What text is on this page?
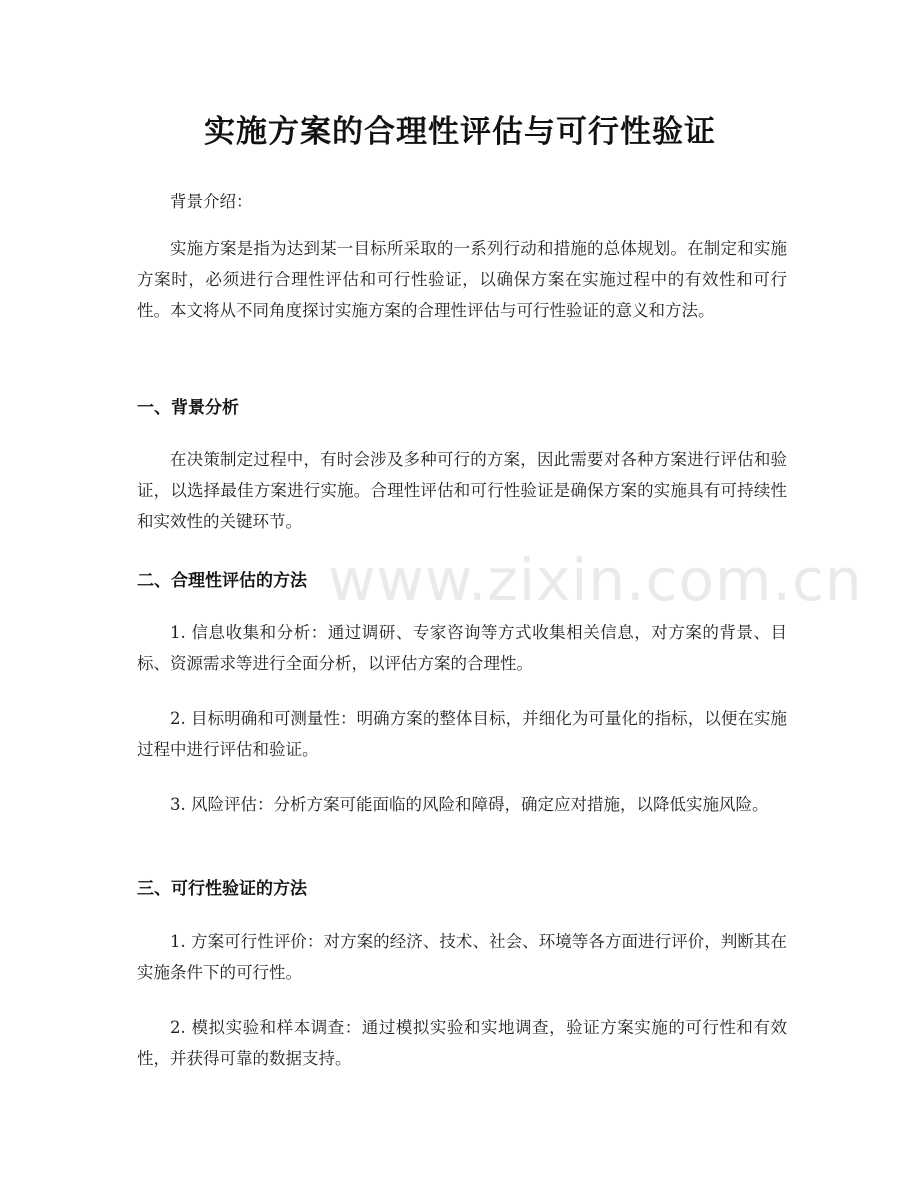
实施方案的合理性评估与可行性验证
背景介绍：
实施方案是指为达到某一目标所采取的一系列行动和措施的总体规划。在制定和实施方案时，必须进行合理性评估和可行性验证，以确保方案在实施过程中的有效性和可行性。本文将从不同角度探讨实施方案的合理性评估与可行性验证的意义和方法。
一、背景分析
在决策制定过程中，有时会涉及多种可行的方案，因此需要对各种方案进行评估和验证，以选择最佳方案进行实施。合理性评估和可行性验证是确保方案的实施具有可持续性和实效性的关键环节。
二、合理性评估的方法
1. 信息收集和分析：通过调研、专家咨询等方式收集相关信息，对方案的背景、目标、资源需求等进行全面分析，以评估方案的合理性。
2. 目标明确和可测量性：明确方案的整体目标，并细化为可量化的指标，以便在实施过程中进行评估和验证。
3. 风险评估：分析方案可能面临的风险和障碍，确定应对措施，以降低实施风险。
三、可行性验证的方法
1. 方案可行性评价：对方案的经济、技术、社会、环境等各方面进行评价，判断其在实施条件下的可行性。
2. 模拟实验和样本调查：通过模拟实验和实地调查，验证方案实施的可行性和有效性，并获得可靠的数据支持。
www.zixin.com.cn
